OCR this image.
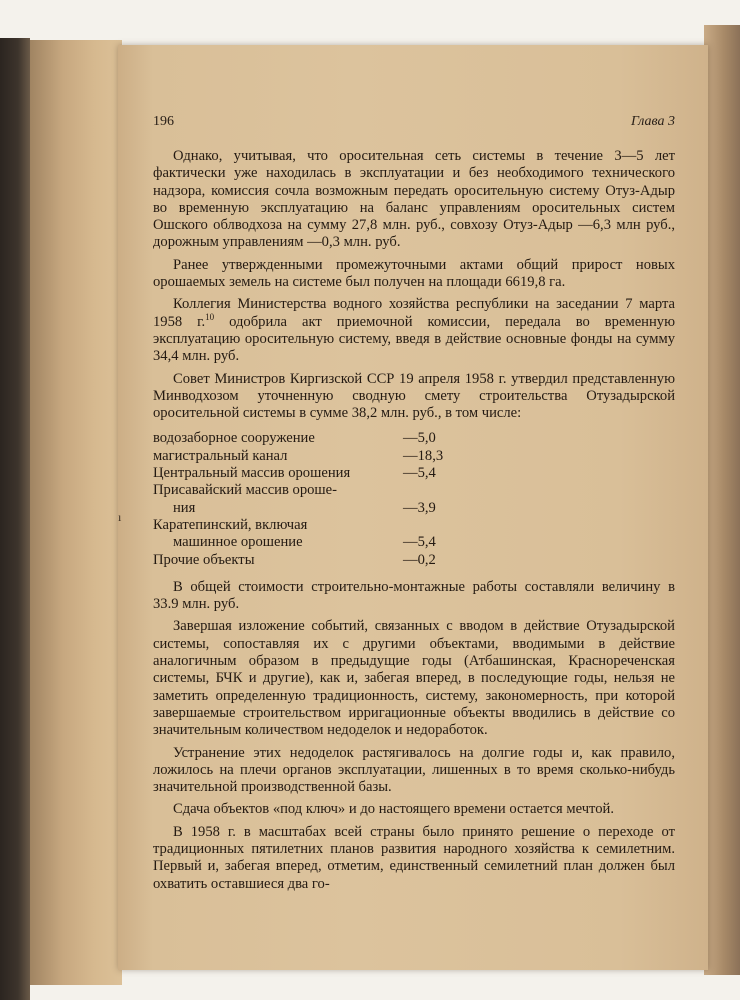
ı
196	Глава 3

Однако, учитывая, что оросительная сеть системы в течение 3—5 лет фактически уже находилась в эксплуатации и без необходимого технического надзора, комиссия сочла возможным передать оросительную систему Отуз-Адыр во временную эксплуатацию на баланс управлениям оросительных систем Ошского облводхоза на сумму 27,8 млн. руб., совхозу Отуз-Адыр —6,3 млн руб., дорожным управлениям —0,3 млн. руб.

Ранее утвержденными промежуточными актами общий прирост новых орошаемых земель на системе был получен на площади 6619,8 га.

Коллегия Министерства водного хозяйства республики на заседании 7 марта 1958 г.$^{10}$ одобрила акт приемочной комиссии, передала во временную эксплуатацию оросительную систему, введя в действие основные фонды на сумму 34,4 млн. руб.

Совет Министров Киргизской ССР 19 апреля 1958 г. утвердил представленную Минводхозом уточненную сводную смету строительства Отузадырской оросительной системы в сумме 38,2 млн. руб., в том числе:

водозаборное сооружение	—5,0
магистральный канал	—18,3
Центральный массив орошения	—5,4
Присавайский массив ороше-
ния	—3,9
Каратепинский, включая
машинное орошение	—5,4
Прочие объекты	—0,2

В общей стоимости строительно-монтажные работы составляли величину в 33.9 млн. руб.

Завершая изложение событий, связанных с вводом в действие Отузадырской системы, сопоставляя их с другими объектами, вводимыми в действие аналогичным образом в предыдущие годы (Атбашинская, Краснореченская системы, БЧК и другие), как и, забегая вперед, в последующие годы, нельзя не заметить определенную традиционность, систему, закономерность, при которой завершаемые строительством ирригационные объекты вводились в действие со значительным количеством недоделок и недоработок.

Устранение этих недоделок растягивалось на долгие годы и, как правило, ложилось на плечи органов эксплуатации, лишенных в то время сколько-нибудь значительной производственной базы.

Сдача объектов «под ключ» и до настоящего времени остается мечтой.

В 1958 г. в масштабах всей страны было принято решение о переходе от традиционных пятилетних планов развития народного хозяйства к семилетним. Первый и, забегая вперед, отметим, единственный семилетний план должен был охватить оставшиеся два го-
